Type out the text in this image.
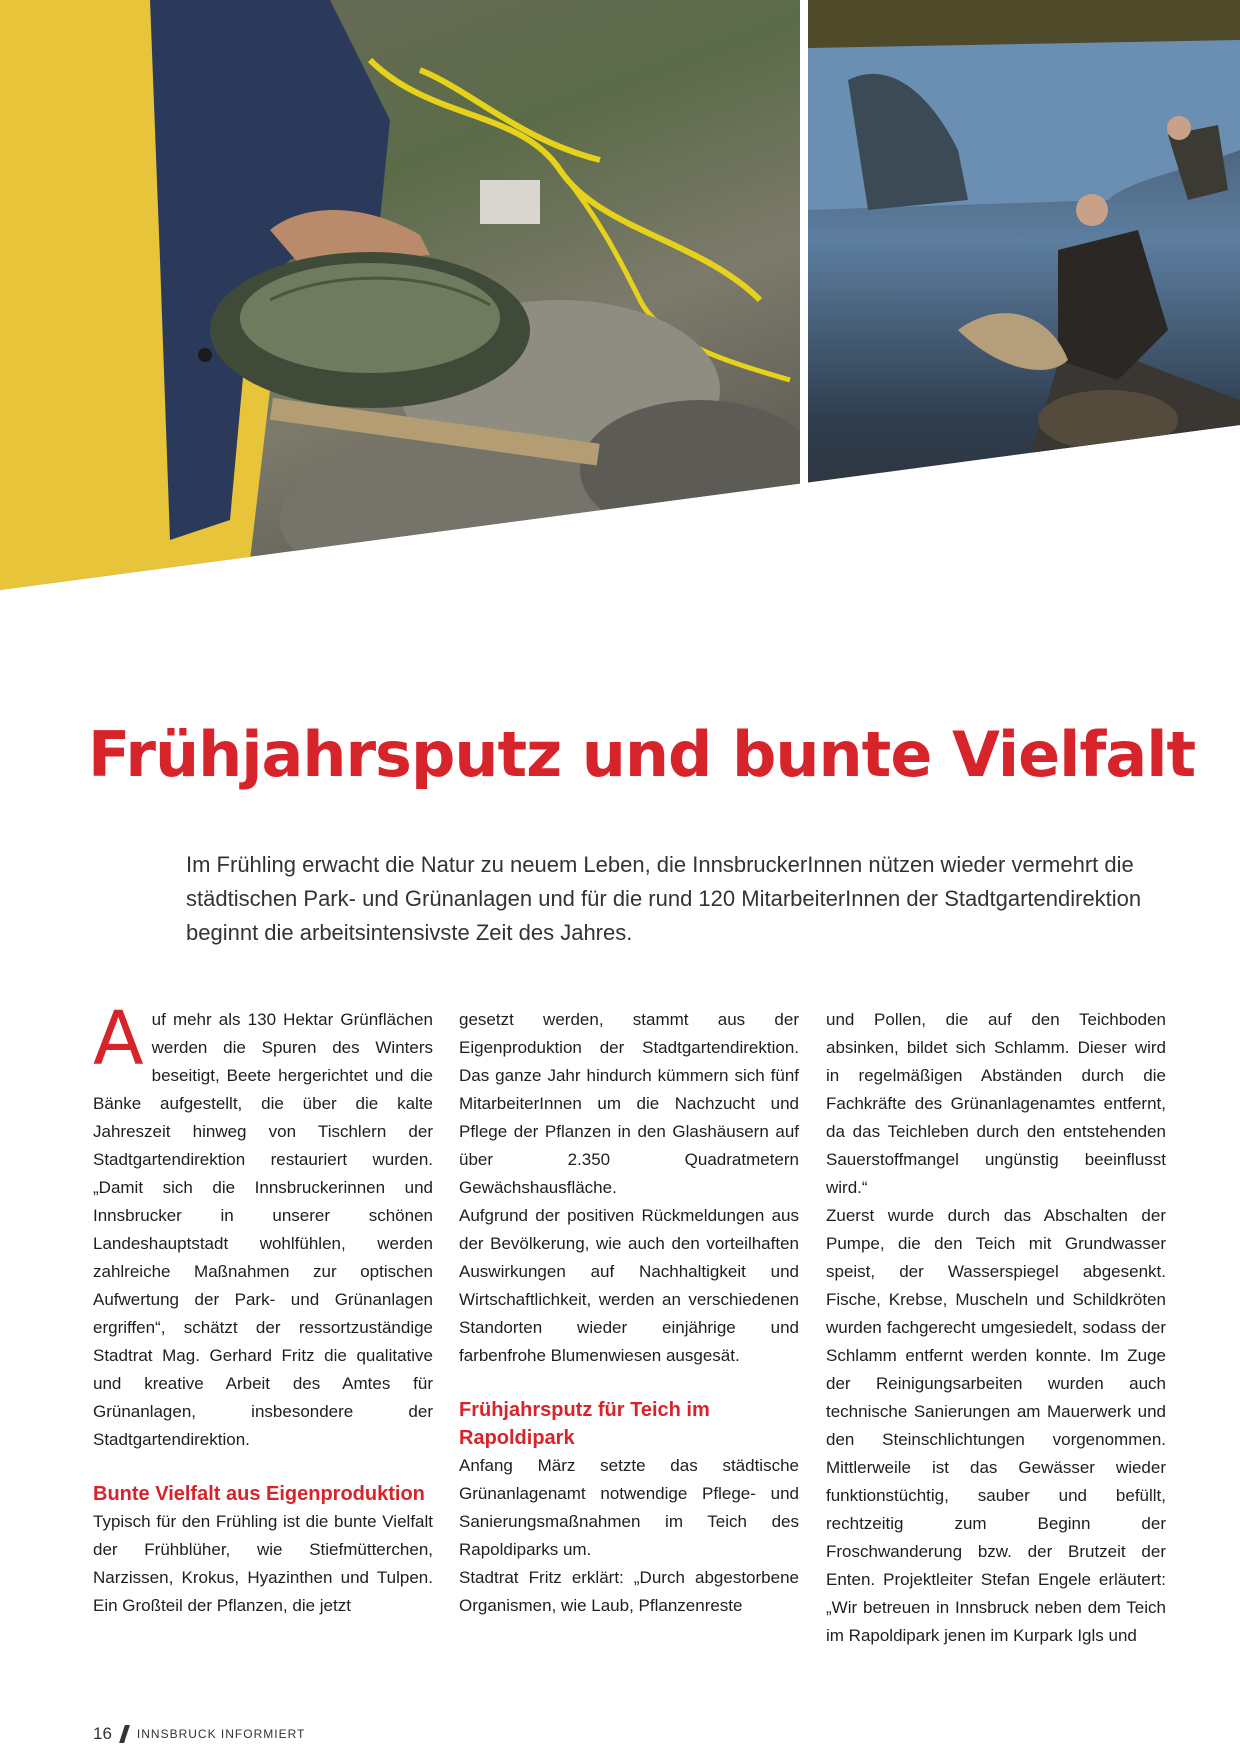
Frühjahrsputz und bunte Vielfalt

Im Frühling erwacht die Natur zu neuem Leben, die InnsbruckerInnen nützen wieder vermehrt die städtischen Park- und Grünanlagen und für die rund 120 MitarbeiterInnen der Stadtgartendirektion beginnt die arbeitsintensivste Zeit des Jahres.

Auf mehr als 130 Hektar Grünflächen werden die Spuren des Winters beseitigt, Beete hergerichtet und die Bänke aufgestellt, die über die kalte Jahreszeit hinweg von Tischlern der Stadtgartendirektion restauriert wurden. „Damit sich die Innsbruckerinnen und Innsbrucker in unserer schönen Landeshauptstadt wohlfühlen, werden zahlreiche Maßnahmen zur optischen Aufwertung der Park- und Grünanlagen ergriffen“, schätzt der ressortzuständige Stadtrat Mag. Gerhard Fritz die qualitative und kreative Arbeit des Amtes für Grünanlagen, insbesondere der Stadtgartendirektion.

Bunte Vielfalt aus Eigenproduktion

Typisch für den Frühling ist die bunte Vielfalt der Frühblüher, wie Stiefmütterchen, Narzissen, Krokus, Hyazinthen und Tulpen. Ein Großteil der Pflanzen, die jetzt

gesetzt werden, stammt aus der Eigenproduktion der Stadtgartendirektion. Das ganze Jahr hindurch kümmern sich fünf MitarbeiterInnen um die Nachzucht und Pflege der Pflanzen in den Glashäusern auf über 2.350 Quadratmetern Gewächshausfläche.

Aufgrund der positiven Rückmeldungen aus der Bevölkerung, wie auch den vorteilhaften Auswirkungen auf Nachhaltigkeit und Wirtschaftlichkeit, werden an verschiedenen Standorten wieder einjährige und farbenfrohe Blumenwiesen ausgesät.

Frühjahrsputz für Teich im Rapoldipark

Anfang März setzte das städtische Grünanlagenamt notwendige Pflege- und Sanierungsmaßnahmen im Teich des Rapoldiparks um.

Stadtrat Fritz erklärt: „Durch abgestorbene Organismen, wie Laub, Pflanzenreste

und Pollen, die auf den Teichboden absinken, bildet sich Schlamm. Dieser wird in regelmäßigen Abständen durch die Fachkräfte des Grünanlagenamtes entfernt, da das Teichleben durch den entstehenden Sauerstoffmangel ungünstig beeinflusst wird.“

Zuerst wurde durch das Abschalten der Pumpe, die den Teich mit Grundwasser speist, der Wasserspiegel abgesenkt. Fische, Krebse, Muscheln und Schildkröten wurden fachgerecht umgesiedelt, sodass der Schlamm entfernt werden konnte. Im Zuge der Reinigungsarbeiten wurden auch technische Sanierungen am Mauerwerk und den Steinschlichtungen vorgenommen. Mittlerweile ist das Gewässer wieder funktionstüchtig, sauber und befüllt, rechtzeitig zum Beginn der Froschwanderung bzw. der Brutzeit der Enten. Projektleiter Stefan Engele erläutert: „Wir betreuen in Innsbruck neben dem Teich im Rapoldipark jenen im Kurpark Igls und

16 INNSBRUCK INFORMIERT
